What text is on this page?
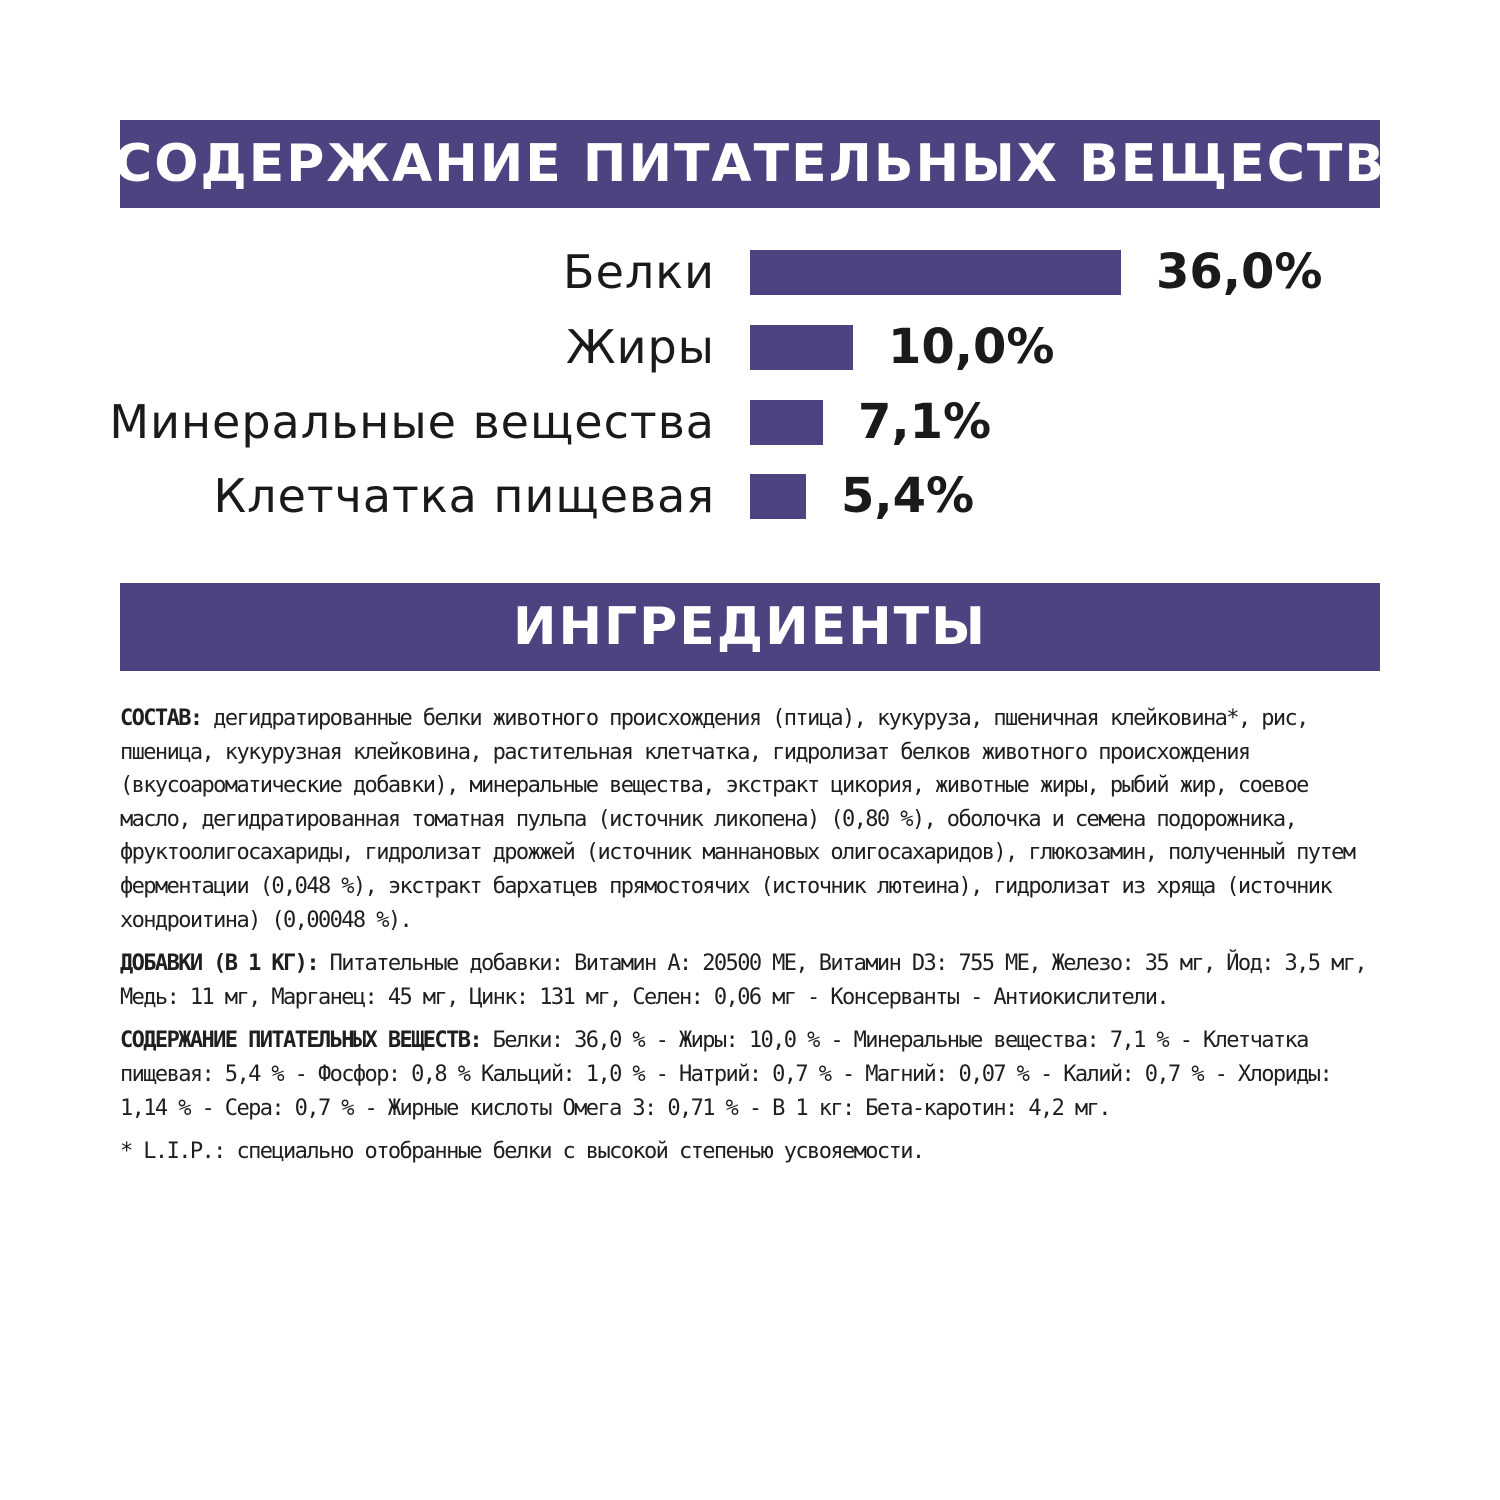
СОДЕРЖАНИЕ ПИТАТЕЛЬНЫХ ВЕЩЕСТВ
Белки	36,0%
Жиры	10,0%
Минеральные вещества	7,1%
Клетчатка пищевая	5,4%
ИНГРЕДИЕНТЫ

СОСТАВ: дегидратированные белки животного происхождения (птица), кукуруза, пшеничная клейковина*, рис, пшеница, кукурузная клейковина, растительная клетчатка, гидролизат белков животного происхождения (вкусоароматические добавки), минеральные вещества, экстракт цикория, животные жиры, рыбий жир, соевое масло, дегидратированная томатная пульпа (источник ликопена) (0,80 %), оболочка и семена подорожника, фруктоолигосахариды, гидролизат дрожжей (источник маннановых олигосахаридов), глюкозамин, полученный путем ферментации (0,048 %), экстракт бархатцев прямостоячих (источник лютеина), гидролизат из хряща (источник хондроитина) (0,00048 %).

ДОБАВКИ (В 1 КГ): Питательные добавки: Витамин А: 20500 МЕ, Витамин D3: 755 МЕ, Железо: 35 мг, Йод: 3,5 мг, Медь: 11 мг, Марганец: 45 мг, Цинк: 131 мг, Селен: 0,06 мг - Консерванты - Антиокислители.

СОДЕРЖАНИЕ ПИТАТЕЛЬНЫХ ВЕЩЕСТВ: Белки: 36,0 % - Жиры: 10,0 % - Минеральные вещества: 7,1 % - Клетчатка пищевая: 5,4 % - Фосфор: 0,8 % Кальций: 1,0 % - Натрий: 0,7 % - Магний: 0,07 % - Калий: 0,7 % - Хлориды: 1,14 % - Сера: 0,7 % - Жирные кислоты Омега 3: 0,71 % - В 1 кг: Бета-каротин: 4,2 мг.

* L.I.P.: специально отобранные белки с высокой степенью усвояемости.
